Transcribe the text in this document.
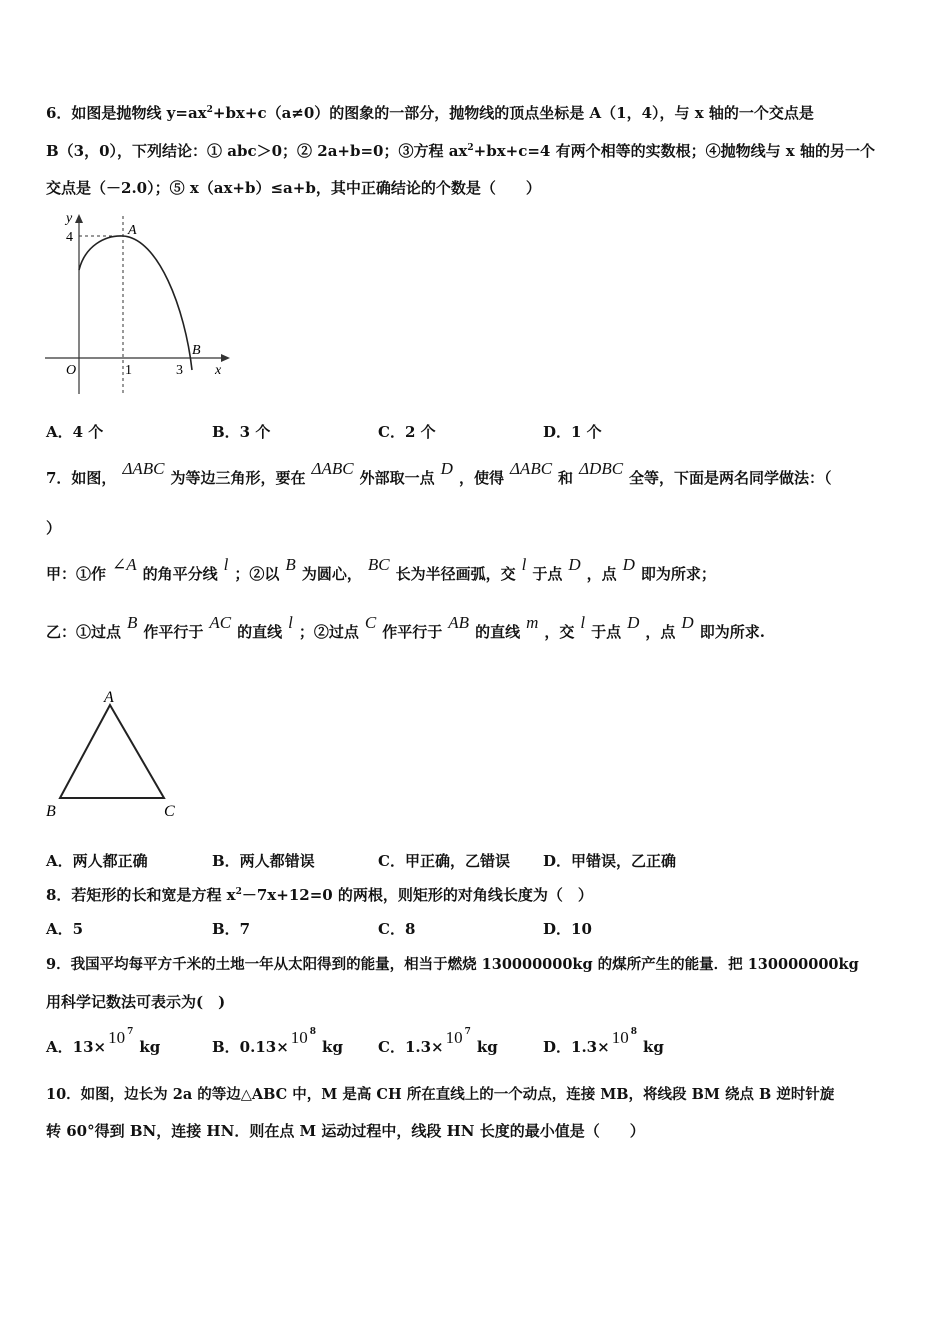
6．如图是抛物线 $y=ax^2+bx+c(a\ne 0)$的图象的一部分，抛物线的顶点坐标是 A（1，4），与 x 轴的一个交点是
B（3，0），下列结论：① abc＞0；② 2a+b=0；③方程 $ax^2+bx+c=4$ 有两个相等的实数根；④抛物线与 x 轴的另一个
交点是（－2.0）；⑤ x（ax+b）≤a+b，其中正确结论的个数是（　　）
y
4	A
B
O	1	3 x
A．4 个	B．3 个	C．2 个	D．1 个
7．如图， ΔABC 为等边三角形，要在 ΔABC 外部取一点 D ，使得 ΔABC 和 ΔDBC 全等，下面是两名同学做法：（
）
甲：①作 ∠A 的角平分线 l ；②以 B 为圆心， BC 长为半径画弧，交 l 于点 D ，点 D 即为所求；
乙：①过点 B 作平行于 AC 的直线 l ；②过点 C 作平行于 AB 的直线 m ，交 l 于点 D ，点 D 即为所求.
A
B	C
A．两人都正确	B．两人都错误	C．甲正确，乙错误 D．甲错误，乙正确
8．若矩形的长和宽是方程 $x^2-7x+12=0$ 的两根，则矩形的对角线长度为（　）
A．5	B．7	C．8	D．10
9．我国平均每平方千米的土地一年从太阳得到的能量，相当于燃烧 130000000kg 的煤所产生的能量．把 130000000kg
用科学记数法可表示为(　)
A．13× 10 $^7$kg	B．0.13× 10 $^8$kg C．1.3× 10 $^7$kg	D．1.3× 10 $^8$kg
10．如图，边长为 2a 的等边△ABC 中，M 是高 CH 所在直线上的一个动点，连接 MB，将线段 BM 绕点 B 逆时针旋
转 60°得到 BN，连接 HN．则在点 M 运动过程中，线段 HN 长度的最小值是（　　）
